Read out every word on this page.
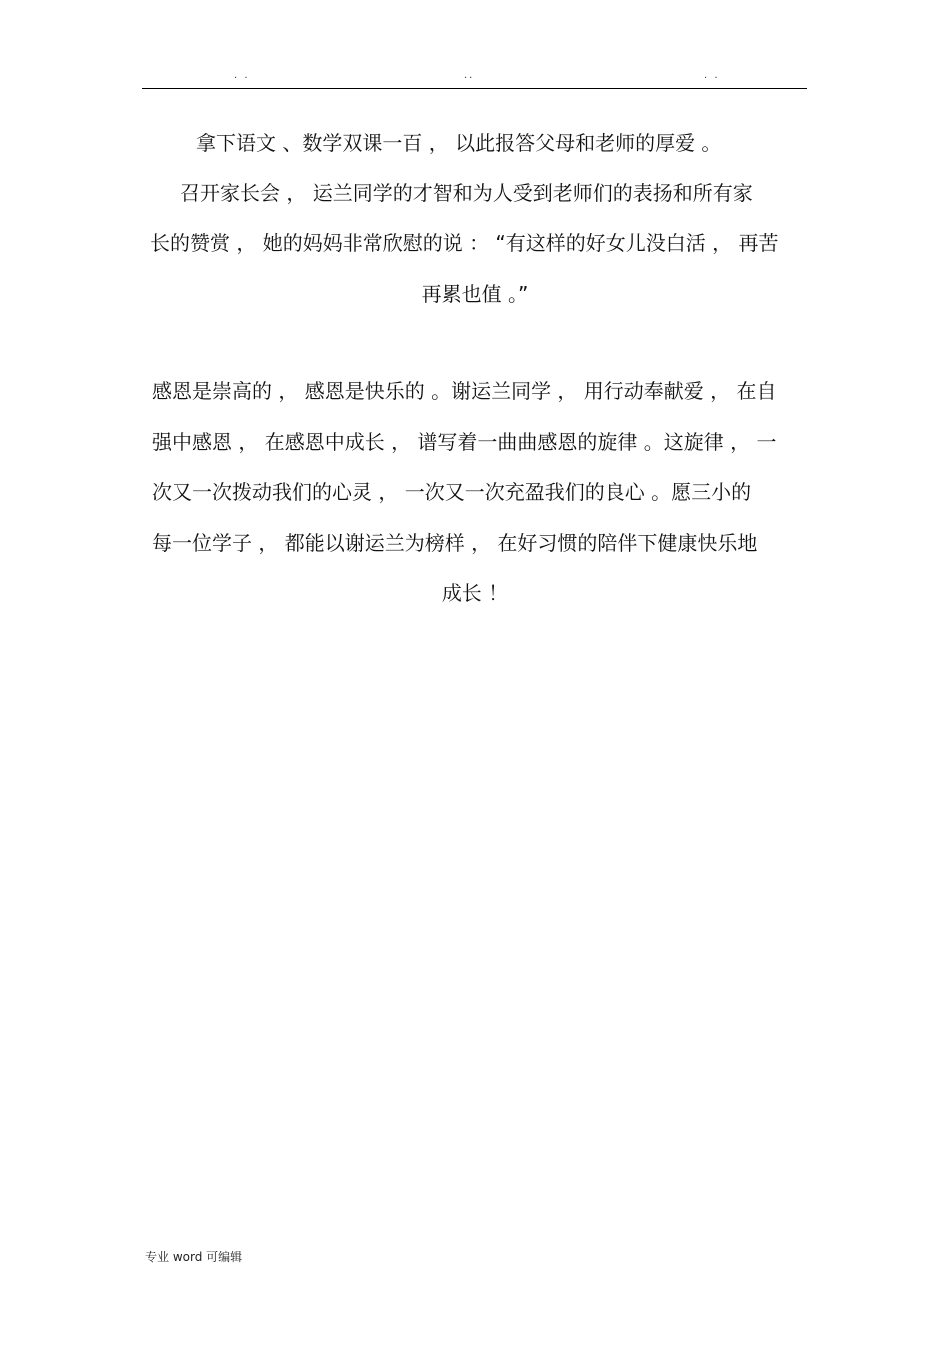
. .	..	. .
拿下语文 、数学双课一百 ， 以此报答父母和老师的厚爱 。
召开家长会 ， 运兰同学的才智和为人受到老师们的表扬和所有家
长的赞赏 ， 她的妈妈非常欣慰的说 ： “有这样的好女儿没白活 ， 再苦
再累也值 。”
感恩是崇高的 ， 感恩是快乐的 。谢运兰同学 ， 用行动奉献爱 ， 在自
强中感恩 ， 在感恩中成长 ， 谱写着一曲曲感恩的旋律 。这旋律 ， 一
次又一次拨动我们的心灵 ， 一次又一次充盈我们的良心 。愿三小的
每一位学子 ， 都能以谢运兰为榜样 ， 在好习惯的陪伴下健康快乐地
成长 ！
专业 word 可编辑
